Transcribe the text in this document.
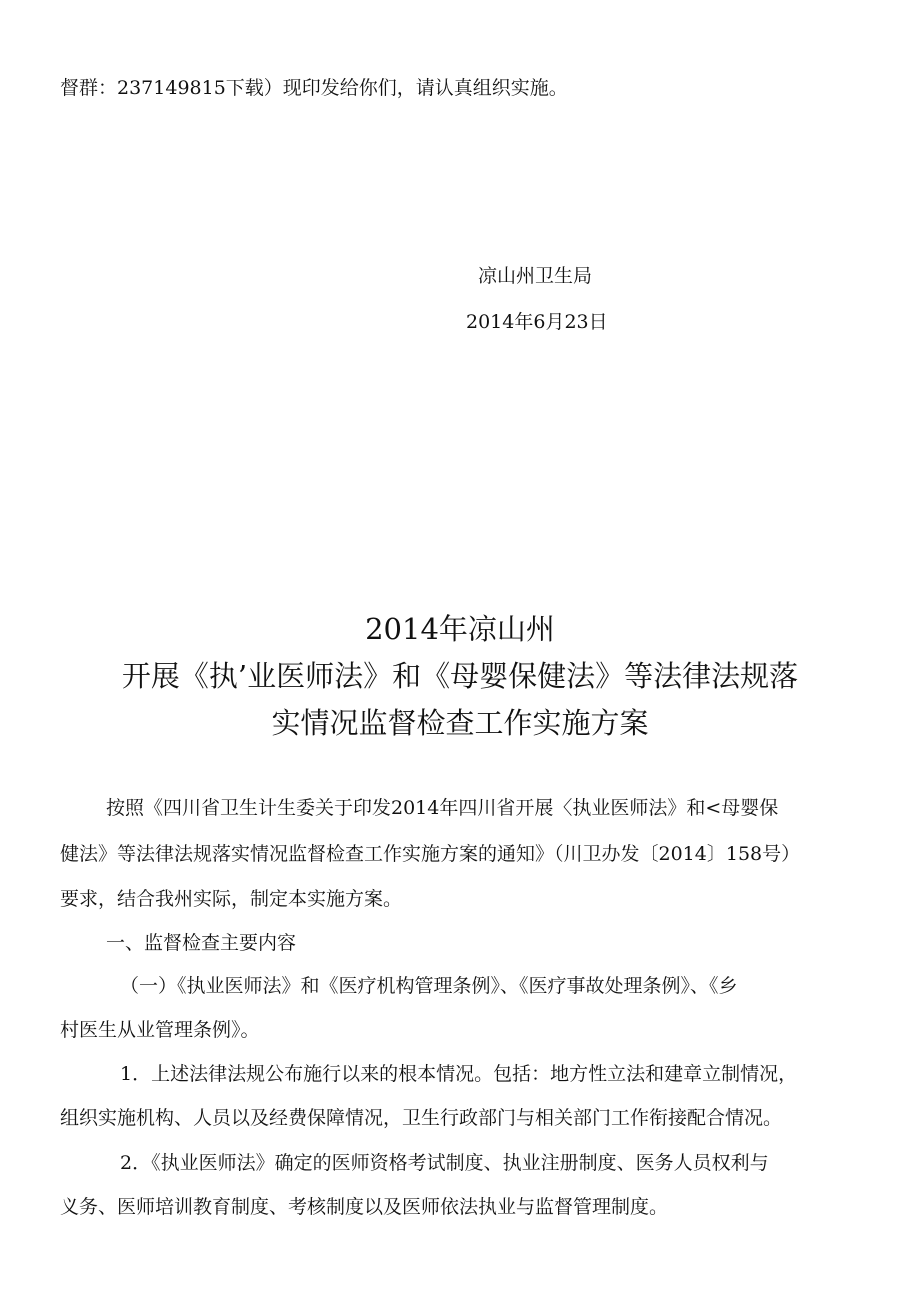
督群：237149815下载）现印发给你们，请认真组织实施。
凉山州卫生局
2014年6月23日
2014年凉山州
开展《执’业医师法》和《母婴保健法》等法律法规落
实情况监督检查工作实施方案
按照《四川省卫生计生委关于印发2014年四川省开展〈执业医师法》和<母婴保
健法》等法律法规落实情况监督检查工作实施方案的通知》（川卫办发〔2014〕158号）
要求，结合我州实际，制定本实施方案。
一、监督检查主要内容
（一）《执业医师法》和《医疗机构管理条例》、《医疗事故处理条例》、《乡
村医生从业管理条例》。
1．上述法律法规公布施行以来的根本情况。包括：地方性立法和建章立制情况，
组织实施机构、人员以及经费保障情况，卫生行政部门与相关部门工作衔接配合情况。
2．《执业医师法》确定的医师资格考试制度、执业注册制度、医务人员权利与
义务、医师培训教育制度、考核制度以及医师依法执业与监督管理制度。
